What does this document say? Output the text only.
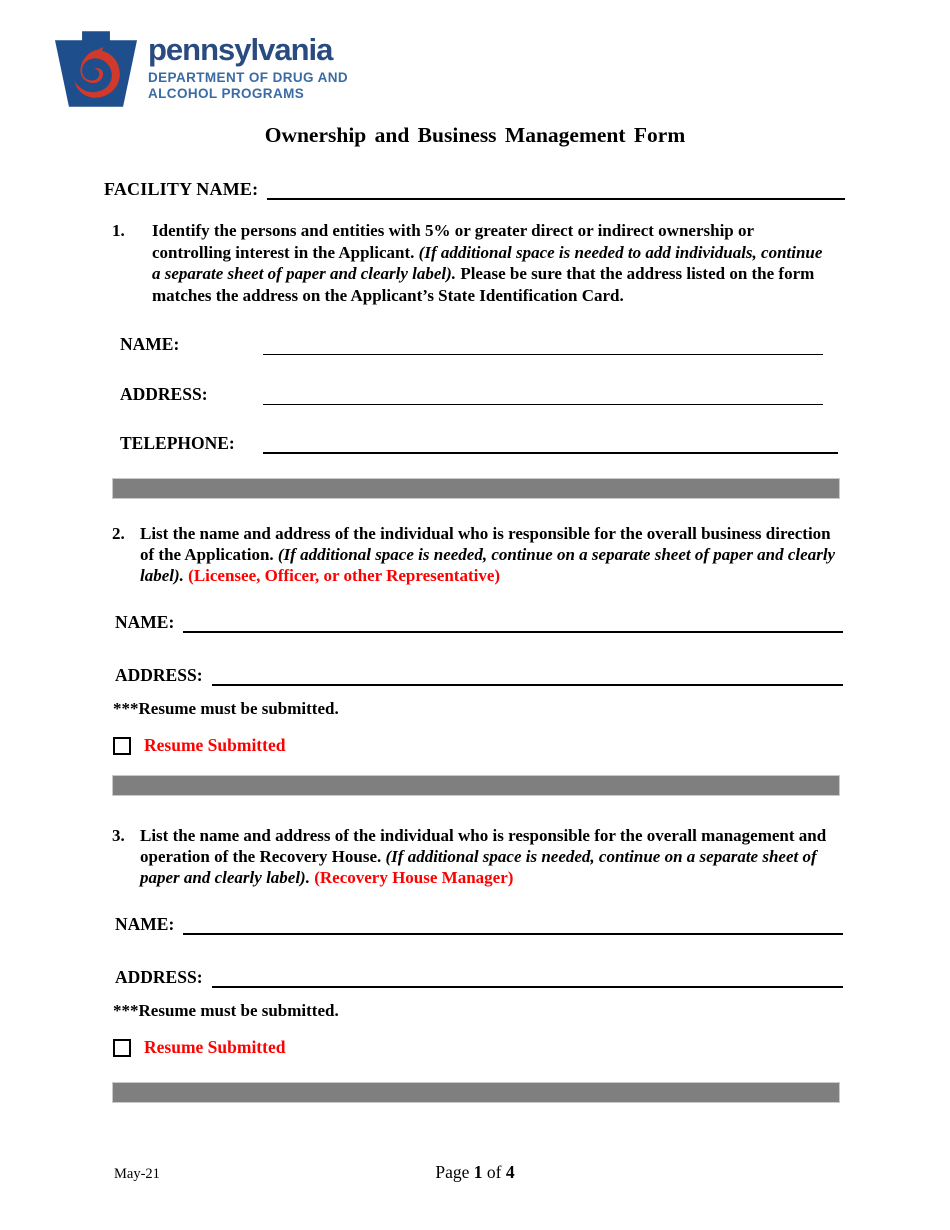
pennsylvania
DEPARTMENT OF DRUG AND
ALCOHOL PROGRAMS
Ownership and Business Management Form
FACILITY NAME:
1.	Identify the persons and entities with 5% or greater direct or indirect ownership or controlling interest in the Applicant. (If additional space is needed to add individuals, continue a separate sheet of paper and clearly label). Please be sure that the address listed on the form matches the address on the Applicant’s State Identification Card.
NAME:
ADDRESS:
TELEPHONE:
2. List the name and address of the individual who is responsible for the overall business direction of the Application. (If additional space is needed, continue on a separate sheet of paper and clearly label). (Licensee, Officer, or other Representative)
NAME:
ADDRESS:
***Resume must be submitted.
Resume Submitted
3. List the name and address of the individual who is responsible for the overall management and operation of the Recovery House. (If additional space is needed, continue on a separate sheet of paper and clearly label). (Recovery House Manager)
NAME:
ADDRESS:
***Resume must be submitted.
Resume Submitted
May-21	Page 1 of 4
